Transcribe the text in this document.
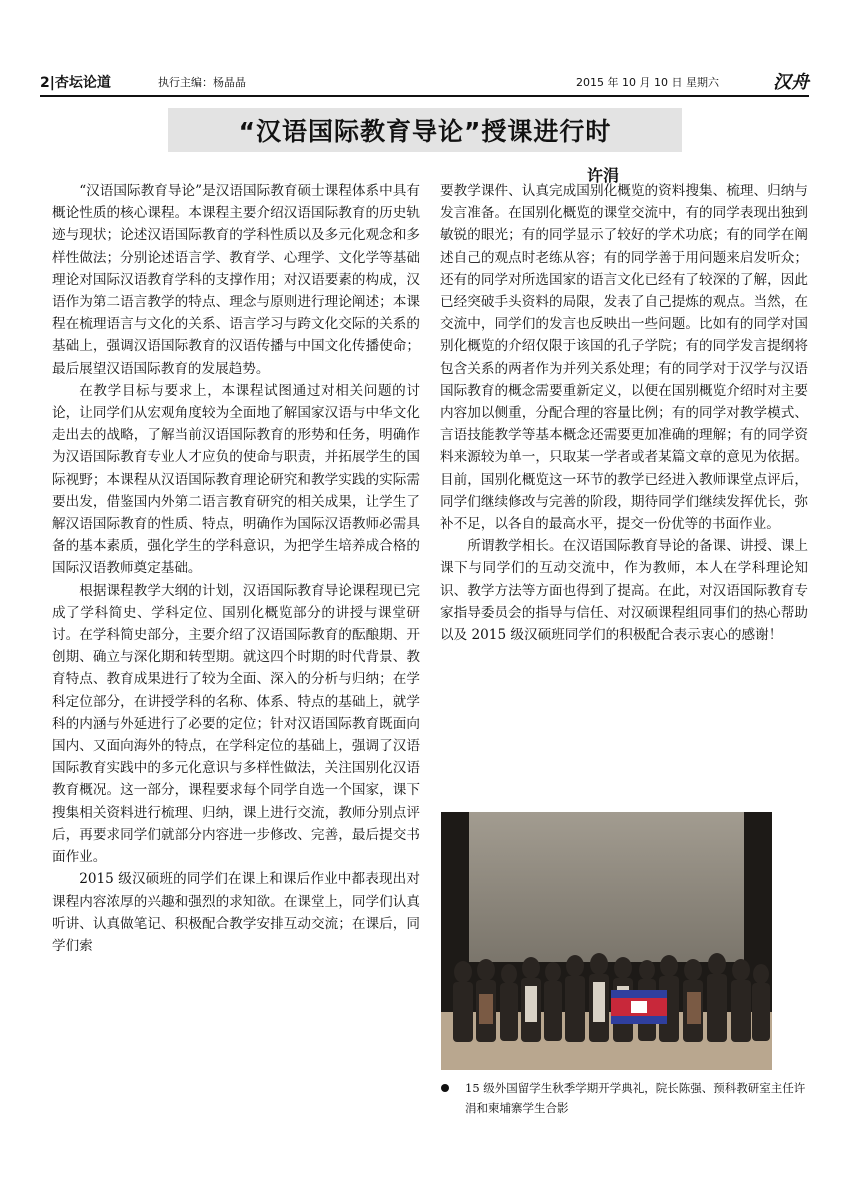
2|杏坛论道	执行主编：杨晶晶	2015 年 10 月 10 日 星期六	汉舟
“汉语国际教育导论”授课进行时
许涓

“汉语国际教育导论”是汉语国际教育硕士课程体系中具有概论性质的核心课程。本课程主要介绍汉语国际教育的历史轨迹与现状；论述汉语国际教育的学科性质以及多元化观念和多样性做法；分别论述语言学、教育学、心理学、文化学等基础理论对国际汉语教育学科的支撑作用；对汉语要素的构成，汉语作为第二语言教学的特点、理念与原则进行理论阐述；本课程在梳理语言与文化的关系、语言学习与跨文化交际的关系的基础上，强调汉语国际教育的汉语传播与中国文化传播使命；最后展望汉语国际教育的发展趋势。

在教学目标与要求上，本课程试图通过对相关问题的讨论，让同学们从宏观角度较为全面地了解国家汉语与中华文化走出去的战略，了解当前汉语国际教育的形势和任务，明确作为汉语国际教育专业人才应负的使命与职责，并拓展学生的国际视野；本课程从汉语国际教育理论研究和教学实践的实际需要出发，借鉴国内外第二语言教育研究的相关成果，让学生了解汉语国际教育的性质、特点，明确作为国际汉语教师必需具备的基本素质，强化学生的学科意识，为把学生培养成合格的国际汉语教师奠定基础。

根据课程教学大纲的计划，汉语国际教育导论课程现已完成了学科简史、学科定位、国别化概览部分的讲授与课堂研讨。在学科简史部分，主要介绍了汉语国际教育的酝酿期、开创期、确立与深化期和转型期。就这四个时期的时代背景、教育特点、教育成果进行了较为全面、深入的分析与归纳；在学科定位部分，在讲授学科的名称、体系、特点的基础上，就学科的内涵与外延进行了必要的定位；针对汉语国际教育既面向国内、又面向海外的特点，在学科定位的基础上，强调了汉语国际教育实践中的多元化意识与多样性做法，关注国别化汉语教育概况。这一部分，课程要求每个同学自选一个国家，课下搜集相关资料进行梳理、归纳，课上进行交流，教师分别点评后，再要求同学们就部分内容进一步修改、完善，最后提交书面作业。

2015 级汉硕班的同学们在课上和课后作业中都表现出对课程内容浓厚的兴趣和强烈的求知欲。在课堂上，同学们认真听讲、认真做笔记、积极配合教学安排互动交流；在课后，同学们索

要教学课件、认真完成国别化概览的资料搜集、梳理、归纳与发言准备。在国别化概览的课堂交流中，有的同学表现出独到敏锐的眼光；有的同学显示了较好的学术功底；有的同学在阐述自己的观点时老练从容；有的同学善于用问题来启发听众；还有的同学对所选国家的语言文化已经有了较深的了解，因此已经突破手头资料的局限，发表了自己提炼的观点。当然，在交流中，同学们的发言也反映出一些问题。比如有的同学对国别化概览的介绍仅限于该国的孔子学院；有的同学发言提纲将包含关系的两者作为并列关系处理；有的同学对于汉学与汉语国际教育的概念需要重新定义，以便在国别概览介绍时对主要内容加以侧重，分配合理的容量比例；有的同学对教学模式、言语技能教学等基本概念还需要更加准确的理解；有的同学资料来源较为单一，只取某一学者或者某篇文章的意见为依据。目前，国别化概览这一环节的教学已经进入教师课堂点评后，同学们继续修改与完善的阶段，期待同学们继续发挥优长，弥补不足，以各自的最高水平，提交一份优等的书面作业。

所谓教学相长。在汉语国际教育导论的备课、讲授、课上课下与同学们的互动交流中，作为教师，本人在学科理论知识、教学方法等方面也得到了提高。在此，对汉语国际教育专家指导委员会的指导与信任、对汉硕课程组同事们的热心帮助以及 2015 级汉硕班同学们的积极配合表示衷心的感谢！

15 级外国留学生秋季学期开学典礼，院长陈强、预科教研室主任许涓和柬埔寨学生合影
